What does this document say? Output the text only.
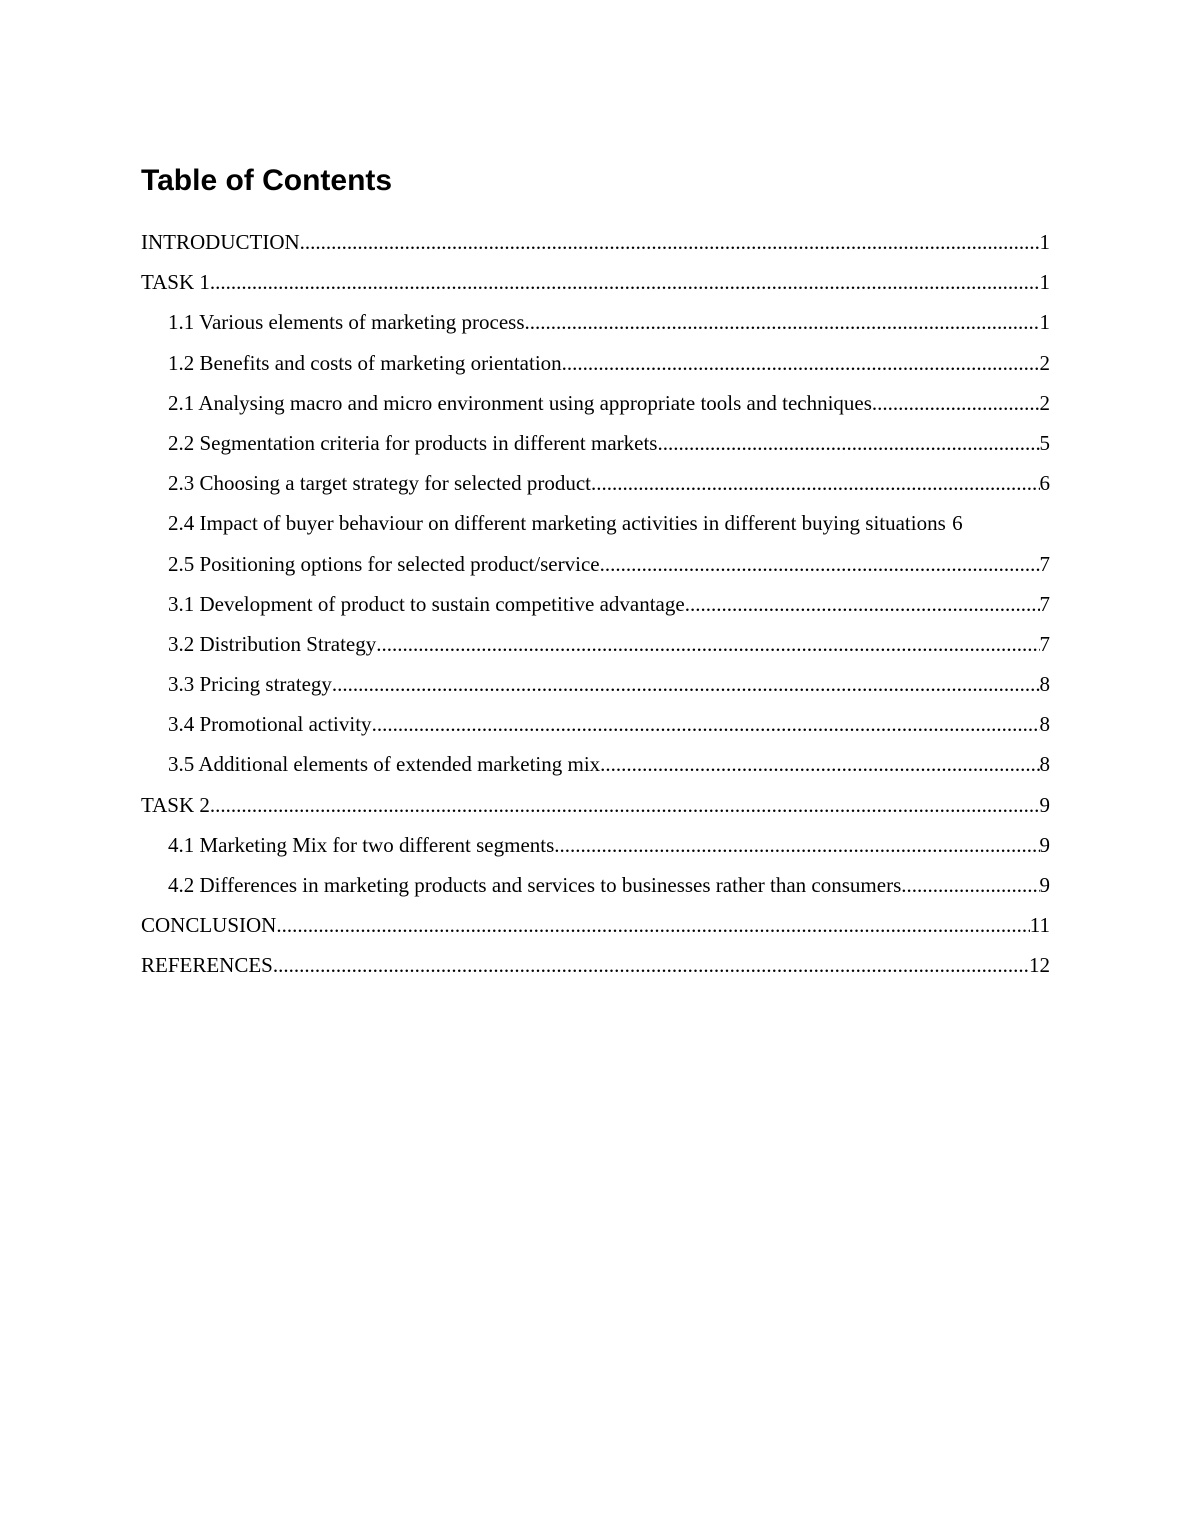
Table of Contents
INTRODUCTION .....	1
TASK 1 .....	1
1.1 Various elements of marketing process .....	1
1.2 Benefits and costs of marketing orientation .....	2
2.1 Analysing macro and micro environment using appropriate tools and techniques .....	2
2.2 Segmentation criteria for products in different markets .....	5
2.3 Choosing a target strategy for selected product .....	6
2.4 Impact of buyer behaviour on different marketing activities in different buying situations 6
2.5 Positioning options for selected product/service .....	7
3.1 Development of product to sustain competitive advantage .....	7
3.2 Distribution Strategy .....	7
3.3 Pricing strategy .....	8
3.4 Promotional activity .....	8
3.5 Additional elements of extended marketing mix .....	8
TASK 2 .....	9
4.1 Marketing Mix for two different segments .....	9
4.2 Differences in marketing products and services to businesses rather than consumers .....	9
CONCLUSION .....	11
REFERENCES .....	12
